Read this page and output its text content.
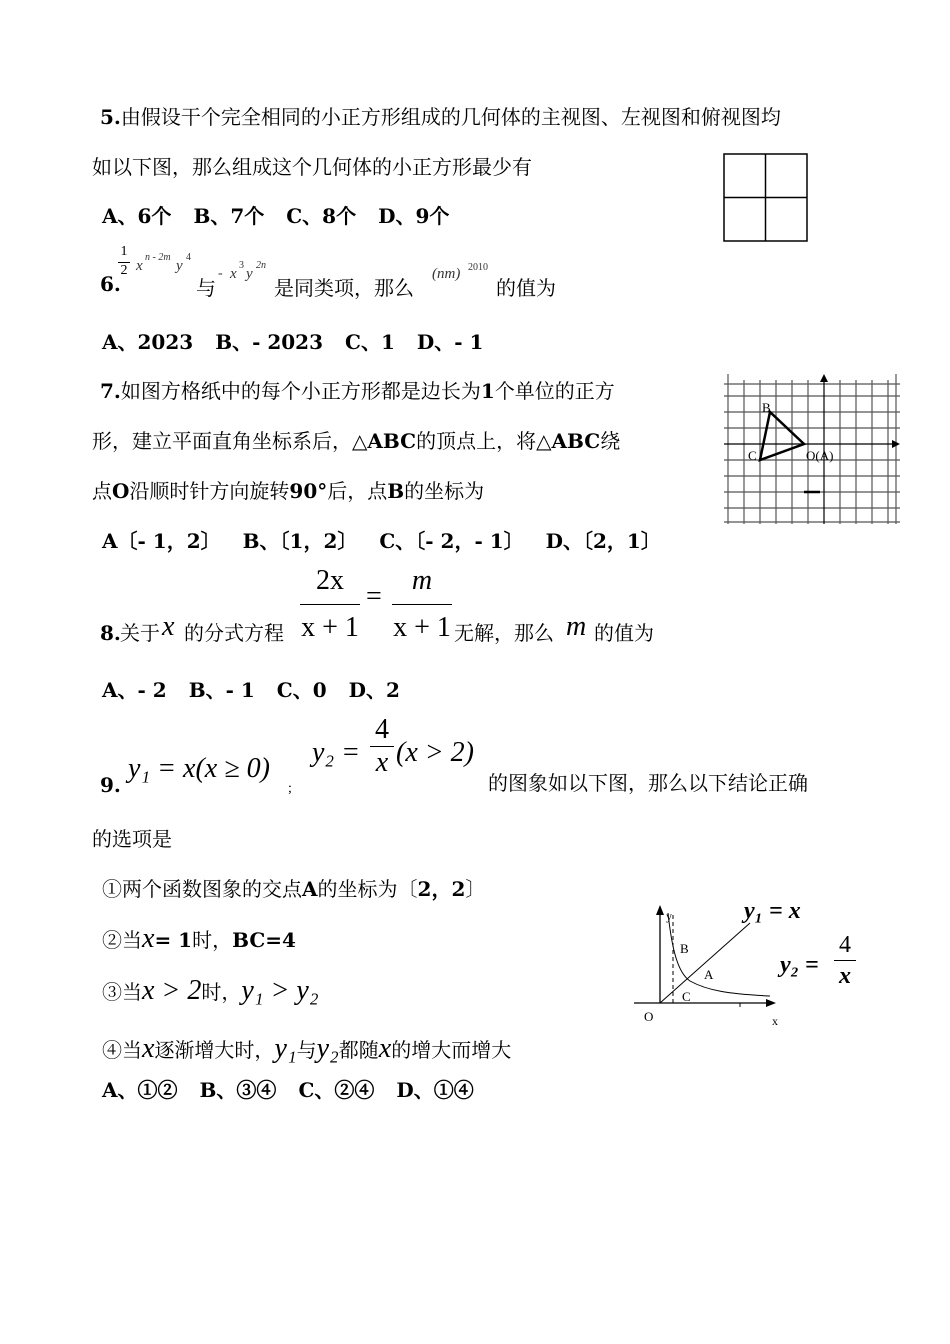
5.由假设干个完全相同的小正方形组成的几何体的主视图、左视图和俯视图均
如以下图，那么组成这个几何体的小正方形最少有
A、6个 B、7个 C、8个 D、9个
6.
$\frac{1}{2}$ x
n - 2m
y
4
与
- x
3
y
2n
是同类项，那么
(nm) 2010
的值为
A、2023 B、- 2023 C、1 D、- 1
7.如图方格纸中的每个小正方形都是边长为1个单位的正方
形，建立平面直角坐标系后，△ABC的顶点上，将△ABC绕
点O沿顺时针方向旋转90°后，点B的坐标为
A〔- 1，2〕 B、〔1，2〕 C、〔- 2，- 1〕 D、〔2，1〕
B
C	O(A)
8. 关于 x 的分式方程 $\frac{2x}{x + 1} = \frac{m}{x + 1}$ 无解，那么 m 的值为
A、- 2 B、- 1 C、0 D、2
9.
y₁ = x(x ≥ 0)
;
$y_2 = \frac{4}{x} (x > 2)$
的图象如以下图，那么以下结论正确
的选项是
①两个函数图象的交点A的坐标为〔2，2〕
②当x= 1时，BC=4
③当x > 2时，y₁ > y₂
④当x逐渐增大时，y₁与y₂都随x的增大而增大
A、①② B、③④ C、②④ D、①④
y
x
O
B
A
C
y₁ = x
$y_2 = \frac{4}{x}$
